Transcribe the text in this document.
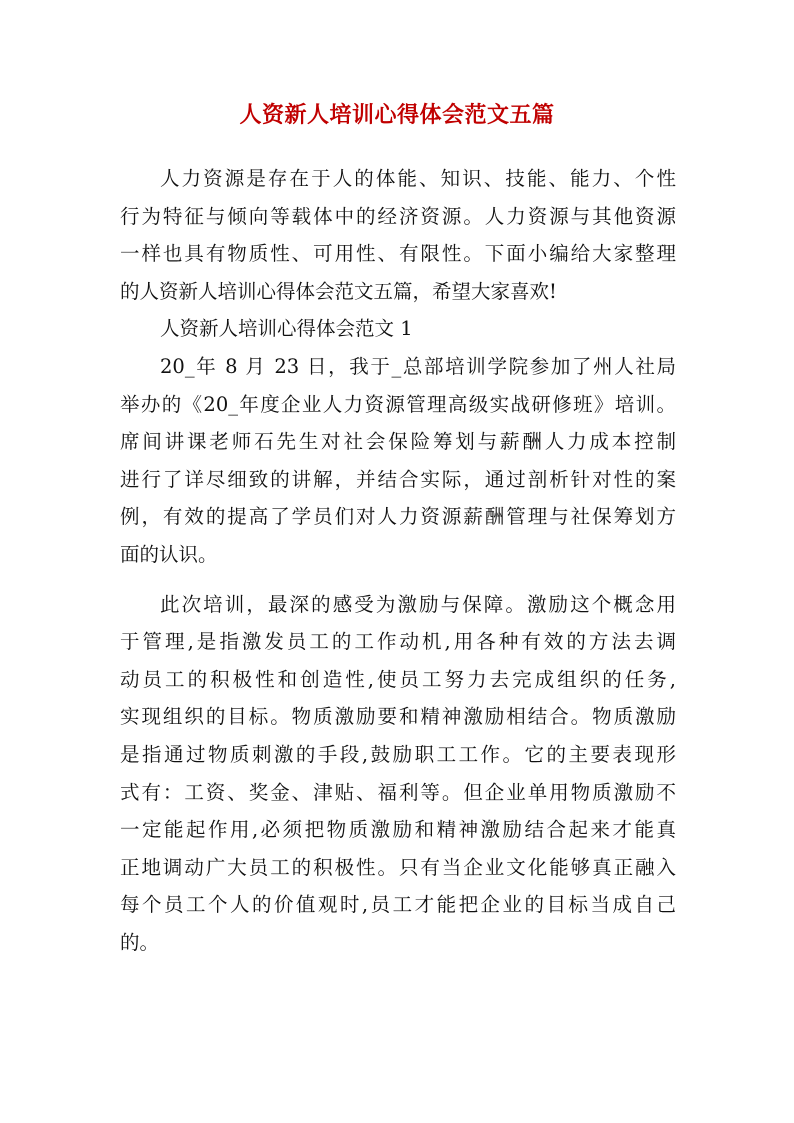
人资新人培训心得体会范文五篇
人力资源是存在于人的体能、知识、技能、能力、个性
行为特征与倾向等载体中的经济资源。人力资源与其他资源
一样也具有物质性、可用性、有限性。下面小编给大家整理
的人资新人培训心得体会范文五篇，希望大家喜欢!
人资新人培训心得体会范文 1
20_年 8 月 23 日，我于_总部培训学院参加了州人社局
举办的《20_年度企业人力资源管理高级实战研修班》培训。
席间讲课老师石先生对社会保险筹划与薪酬人力成本控制
进行了详尽细致的讲解，并结合实际，通过剖析针对性的案
例，有效的提高了学员们对人力资源薪酬管理与社保筹划方
面的认识。
此次培训，最深的感受为激励与保障。激励这个概念用
于管理,是指激发员工的工作动机,用各种有效的方法去调
动员工的积极性和创造性,使员工努力去完成组织的任务,
实现组织的目标。物质激励要和精神激励相结合。物质激励
是指通过物质刺激的手段,鼓励职工工作。它的主要表现形
式有：工资、奖金、津贴、福利等。但企业单用物质激励不
一定能起作用,必须把物质激励和精神激励结合起来才能真
正地调动广大员工的积极性。只有当企业文化能够真正融入
每个员工个人的价值观时,员工才能把企业的目标当成自己
的。
